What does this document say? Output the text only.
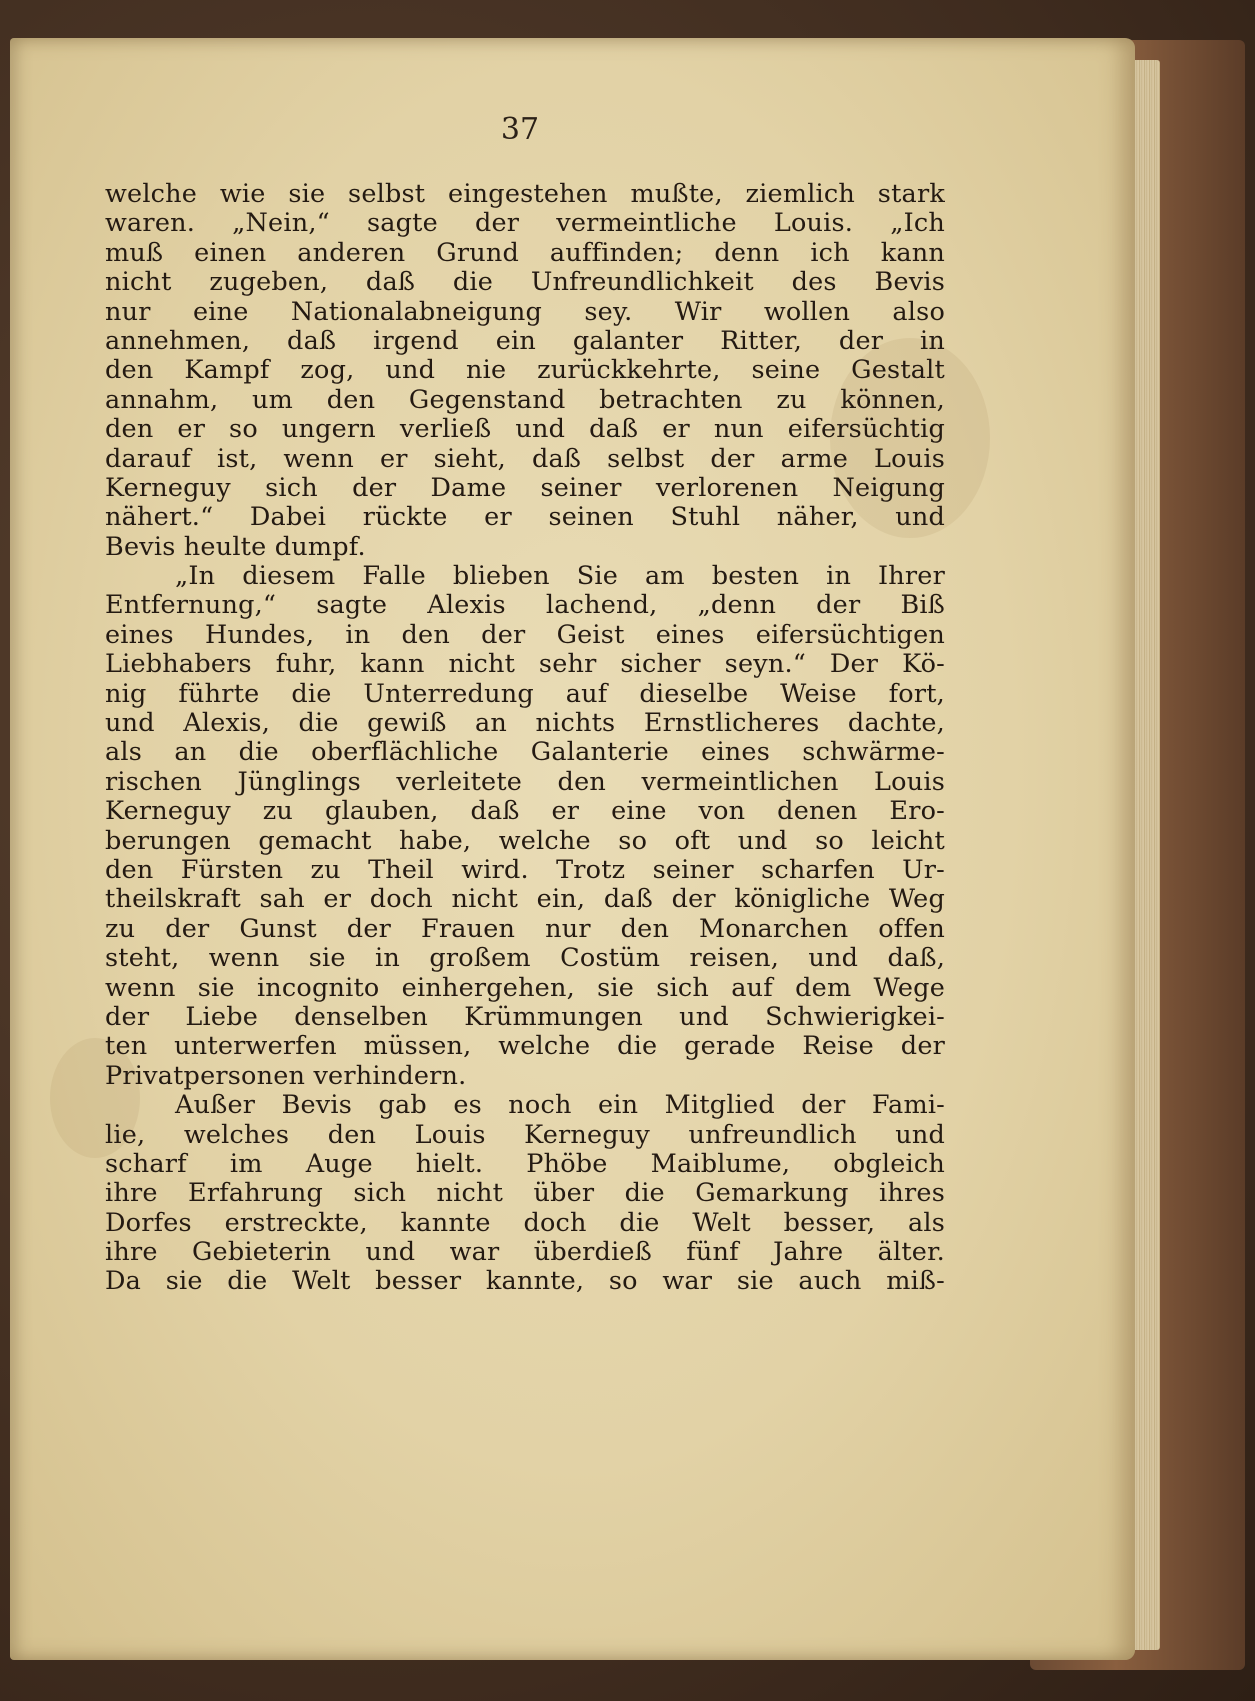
37
welche wie sie selbst eingestehen mußte, ziemlich stark
waren. „Nein,“ sagte der vermeintliche Louis. „Ich
muß einen anderen Grund auffinden; denn ich kann
nicht zugeben, daß die Unfreundlichkeit des Bevis
nur eine Nationalabneigung sey. Wir wollen also
annehmen, daß irgend ein galanter Ritter, der in
den Kampf zog, und nie zurückkehrte, seine Gestalt
annahm, um den Gegenstand betrachten zu können,
den er so ungern verließ und daß er nun eifersüchtig
darauf ist, wenn er sieht, daß selbst der arme Louis
Kerneguy sich der Dame seiner verlorenen Neigung
nähert.“ Dabei rückte er seinen Stuhl näher, und
Bevis heulte dumpf.
„In diesem Falle blieben Sie am besten in Ihrer
Entfernung,“ sagte Alexis lachend, „denn der Biß
eines Hundes, in den der Geist eines eifersüchtigen
Liebhabers fuhr, kann nicht sehr sicher seyn.“ Der Kö-
nig führte die Unterredung auf dieselbe Weise fort,
und Alexis, die gewiß an nichts Ernstlicheres dachte,
als an die oberflächliche Galanterie eines schwärme-
rischen Jünglings verleitete den vermeintlichen Louis
Kerneguy zu glauben, daß er eine von denen Ero-
berungen gemacht habe, welche so oft und so leicht
den Fürsten zu Theil wird. Trotz seiner scharfen Ur-
theilskraft sah er doch nicht ein, daß der königliche Weg
zu der Gunst der Frauen nur den Monarchen offen
steht, wenn sie in großem Costüm reisen, und daß,
wenn sie incognito einhergehen, sie sich auf dem Wege
der Liebe denselben Krümmungen und Schwierigkei-
ten unterwerfen müssen, welche die gerade Reise der
Privatpersonen verhindern.
Außer Bevis gab es noch ein Mitglied der Fami-
lie, welches den Louis Kerneguy unfreundlich und
scharf im Auge hielt. Phöbe Maiblume, obgleich
ihre Erfahrung sich nicht über die Gemarkung ihres
Dorfes erstreckte, kannte doch die Welt besser, als
ihre Gebieterin und war überdieß fünf Jahre älter.
Da sie die Welt besser kannte, so war sie auch miß-
